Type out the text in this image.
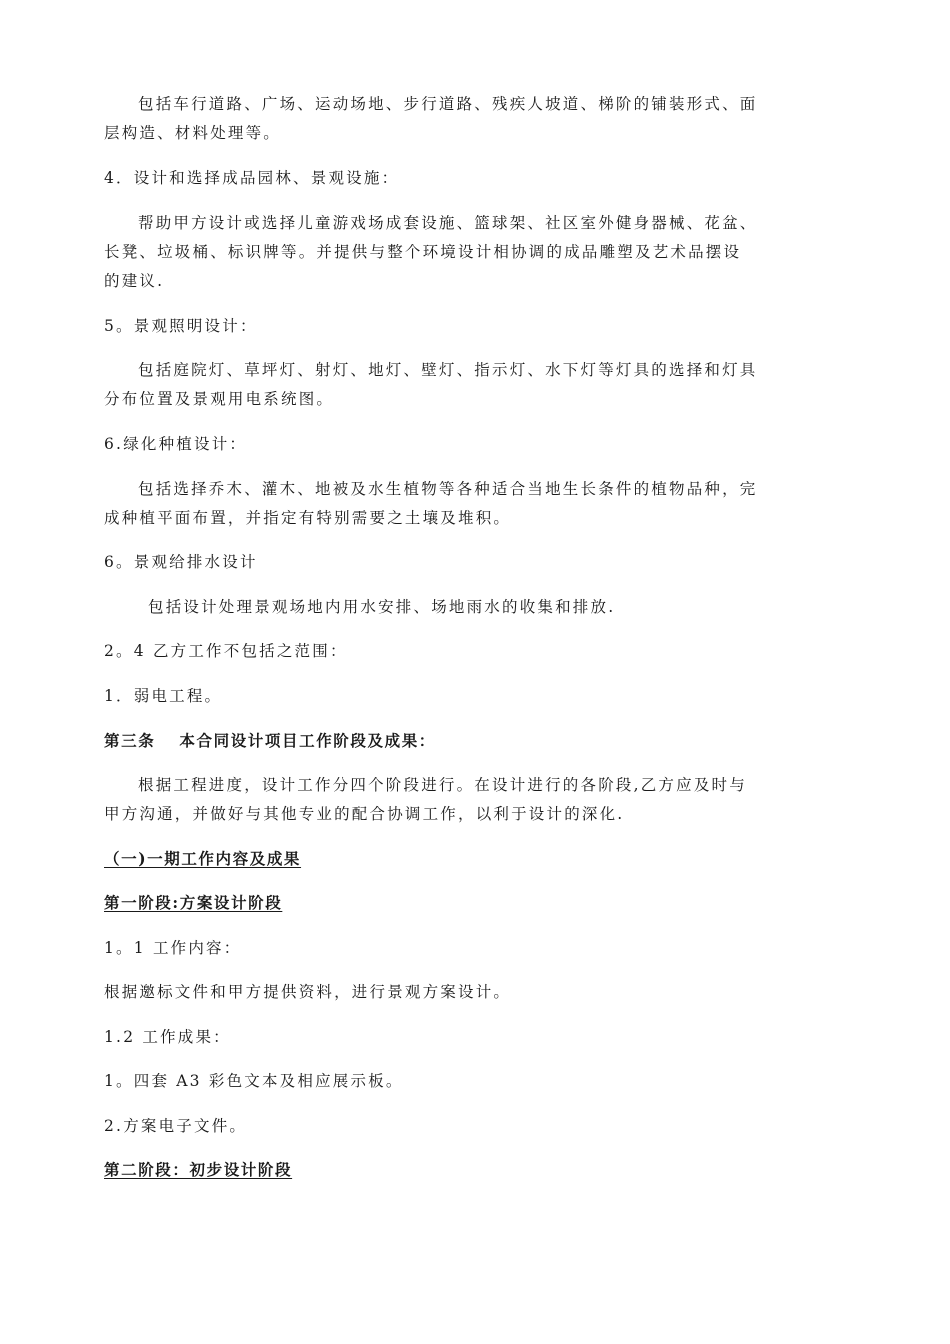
包括车行道路、广场、运动场地、步行道路、残疾人坡道、梯阶的铺装形式、面
层构造、材料处理等。
4．设计和选择成品园林、景观设施：
帮助甲方设计或选择儿童游戏场成套设施、篮球架、社区室外健身器械、花盆、
长凳、垃圾桶、标识牌等。并提供与整个环境设计相协调的成品雕塑及艺术品摆设
的建议.
5。景观照明设计：
包括庭院灯、草坪灯、射灯、地灯、壁灯、指示灯、水下灯等灯具的选择和灯具
分布位置及景观用电系统图。
6.绿化种植设计：
包括选择乔木、灌木、地被及水生植物等各种适合当地生长条件的植物品种，完
成种植平面布置，并指定有特别需要之土壤及堆积。
6。景观给排水设计
包括设计处理景观场地内用水安排、场地雨水的收集和排放.
2。4 乙方工作不包括之范围：
1．弱电工程。
第三条　 本合同设计项目工作阶段及成果：
根据工程进度，设计工作分四个阶段进行。在设计进行的各阶段,乙方应及时与
甲方沟通，并做好与其他专业的配合协调工作，以利于设计的深化.
（一)一期工作内容及成果
第一阶段:方案设计阶段
1。1 工作内容：
根据邀标文件和甲方提供资料，进行景观方案设计。
1.2 工作成果：
1。四套 A3 彩色文本及相应展示板。
2.方案电子文件。
第二阶段：初步设计阶段
